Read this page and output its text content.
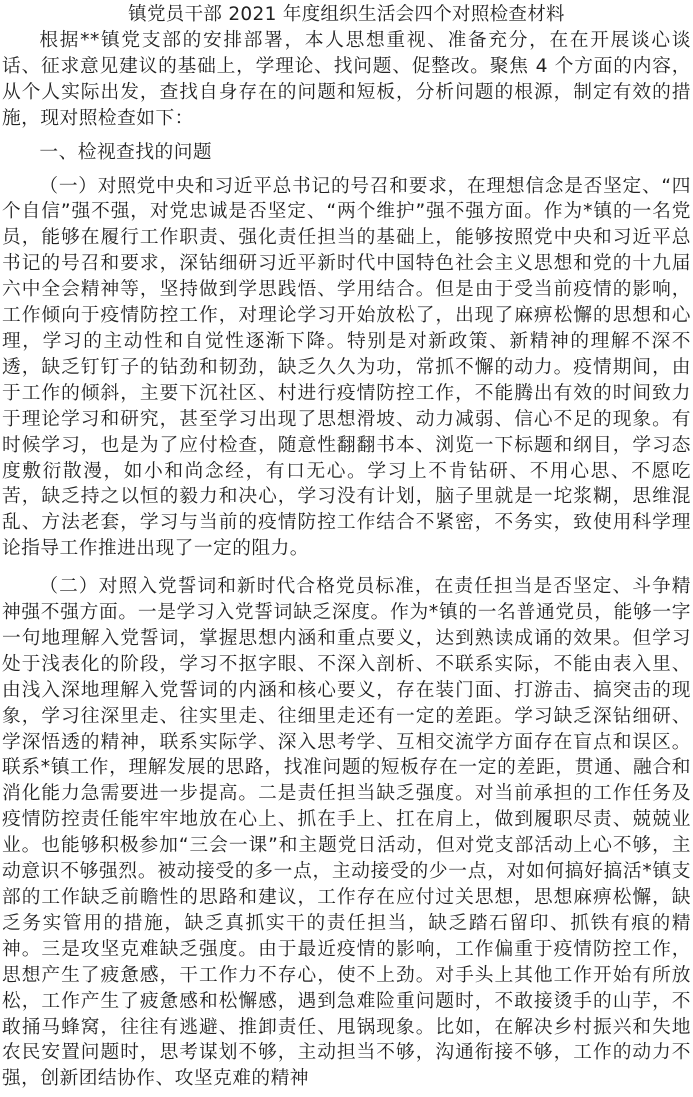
镇党员干部 2021 年度组织生活会四个对照检查材料

根据**镇党支部的安排部署，本人思想重视、准备充分，在在开展谈心谈话、征求意见建议的基础上，学理论、找问题、促整改。聚焦 4 个方面的内容，从个人实际出发，查找自身存在的问题和短板，分析问题的根源，制定有效的措施，现对照检查如下：

一、检视查找的问题

（一）对照党中央和习近平总书记的号召和要求，在理想信念是否坚定、“四个自信”强不强，对党忠诚是否坚定、“两个维护”强不强方面。作为*镇的一名党员，能够在履行工作职责、强化责任担当的基础上，能够按照党中央和习近平总书记的号召和要求，深钻细研习近平新时代中国特色社会主义思想和党的十九届六中全会精神等，坚持做到学思践悟、学用结合。但是由于受当前疫情的影响，工作倾向于疫情防控工作，对理论学习开始放松了，出现了麻痹松懈的思想和心理，学习的主动性和自觉性逐渐下降。特别是对新政策、新精神的理解不深不透，缺乏钉钉子的钻劲和韧劲，缺乏久久为功，常抓不懈的动力。疫情期间，由于工作的倾斜，主要下沉社区、村进行疫情防控工作，不能腾出有效的时间致力于理论学习和研究，甚至学习出现了思想滑坡、动力减弱、信心不足的现象。有时候学习，也是为了应付检查，随意性翻翻书本、浏览一下标题和纲目，学习态度敷衍散漫，如小和尚念经，有口无心。学习上不肯钻研、不用心思、不愿吃苦，缺乏持之以恒的毅力和决心，学习没有计划，脑子里就是一坨浆糊，思维混乱、方法老套，学习与当前的疫情防控工作结合不紧密，不务实，致使用科学理论指导工作推进出现了一定的阻力。

（二）对照入党誓词和新时代合格党员标准，在责任担当是否坚定、斗争精神强不强方面。一是学习入党誓词缺乏深度。作为*镇的一名普通党员，能够一字一句地理解入党誓词，掌握思想内涵和重点要义，达到熟读成诵的效果。但学习处于浅表化的阶段，学习不抠字眼、不深入剖析、不联系实际，不能由表入里、由浅入深地理解入党誓词的内涵和核心要义，存在装门面、打游击、搞突击的现象，学习往深里走、往实里走、往细里走还有一定的差距。学习缺乏深钻细研、学深悟透的精神，联系实际学、深入思考学、互相交流学方面存在盲点和误区。联系*镇工作，理解发展的思路，找准问题的短板存在一定的差距，贯通、融合和消化能力急需要进一步提高。二是责任担当缺乏强度。对当前承担的工作任务及疫情防控责任能牢牢地放在心上、抓在手上、扛在肩上，做到履职尽责、兢兢业业。也能够积极参加“三会一课”和主题党日活动，但对党支部活动上心不够，主动意识不够强烈。被动接受的多一点，主动接受的少一点，对如何搞好搞活*镇支部的工作缺乏前瞻性的思路和建议，工作存在应付过关思想，思想麻痹松懈，缺乏务实管用的措施，缺乏真抓实干的责任担当，缺乏踏石留印、抓铁有痕的精神。三是攻坚克难缺乏强度。由于最近疫情的影响，工作偏重于疫情防控工作，思想产生了疲惫感，干工作力不存心，使不上劲。对手头上其他工作开始有所放松，工作产生了疲惫感和松懈感，遇到急难险重问题时，不敢接烫手的山芋，不敢捅马蜂窝，往往有逃避、推卸责任、甩锅现象。比如，在解决乡村振兴和失地农民安置问题时，思考谋划不够，主动担当不够，沟通衔接不够，工作的动力不强，创新团结协作、攻坚克难的精神
